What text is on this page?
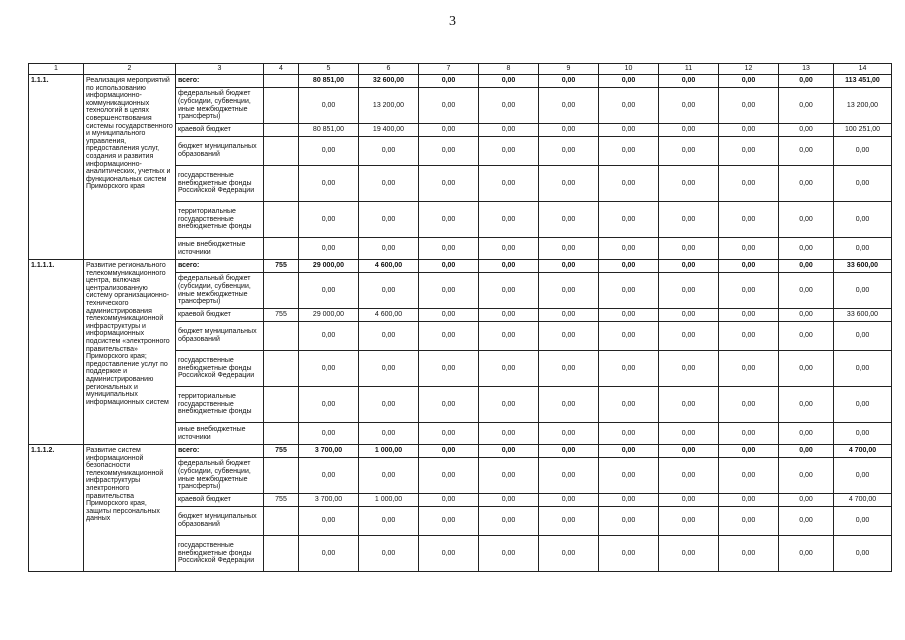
3
1	2	3	4	5	6	7	8	9	10	11	12	13	14
1.1.1.	Реализация мероприятий по использованию информационно-коммуникационных технологий в целях совершенствования системы государственного и муниципального управления, предоставления услуг, создания и развития информационно-аналитических, учетных и функциональных систем Приморского края	всего:		80 851,00	32 600,00	0,00	0,00	0,00	0,00	0,00	0,00	0,00	113 451,00
		федеральный бюджет (субсидии, субвенции, иные межбюджетные трансферты)		0,00	13 200,00	0,00	0,00	0,00	0,00	0,00	0,00	0,00	13 200,00
		краевой бюджет		80 851,00	19 400,00	0,00	0,00	0,00	0,00	0,00	0,00	0,00	100 251,00
		бюджет муниципальных образований		0,00	0,00	0,00	0,00	0,00	0,00	0,00	0,00	0,00	0,00
		государственные внебюджетные фонды Российской Федерации		0,00	0,00	0,00	0,00	0,00	0,00	0,00	0,00	0,00	0,00
		территориальные государственные внебюджетные фонды		0,00	0,00	0,00	0,00	0,00	0,00	0,00	0,00	0,00	0,00
		иные внебюджетные источники		0,00	0,00	0,00	0,00	0,00	0,00	0,00	0,00	0,00	0,00
1.1.1.1.	Развитие регионального телекоммуникационного центра, включая централизованную систему организационно-технического администрирования телекоммуникационной инфраструктуры и информационных подсистем «электронного правительства» Приморского края; предоставление услуг по поддержке и администрированию региональных и муниципальных информационных систем	всего:	755	29 000,00	4 600,00	0,00	0,00	0,00	0,00	0,00	0,00	0,00	33 600,00
		федеральный бюджет (субсидии, субвенции, иные межбюджетные трансферты)		0,00	0,00	0,00	0,00	0,00	0,00	0,00	0,00	0,00	0,00
		краевой бюджет	755	29 000,00	4 600,00	0,00	0,00	0,00	0,00	0,00	0,00	0,00	33 600,00
		бюджет муниципальных образований		0,00	0,00	0,00	0,00	0,00	0,00	0,00	0,00	0,00	0,00
		государственные внебюджетные фонды Российской Федерации		0,00	0,00	0,00	0,00	0,00	0,00	0,00	0,00	0,00	0,00
		территориальные государственные внебюджетные фонды		0,00	0,00	0,00	0,00	0,00	0,00	0,00	0,00	0,00	0,00
		иные внебюджетные источники		0,00	0,00	0,00	0,00	0,00	0,00	0,00	0,00	0,00	0,00
1.1.1.2.	Развитие систем информационной безопасности телекоммуникационной инфраструктуры электронного правительства Приморского края, защиты персональных данных	всего:	755	3 700,00	1 000,00	0,00	0,00	0,00	0,00	0,00	0,00	0,00	4 700,00
		федеральный бюджет (субсидии, субвенции, иные межбюджетные трансферты)		0,00	0,00	0,00	0,00	0,00	0,00	0,00	0,00	0,00	0,00
		краевой бюджет	755	3 700,00	1 000,00	0,00	0,00	0,00	0,00	0,00	0,00	0,00	4 700,00
		бюджет муниципальных образований		0,00	0,00	0,00	0,00	0,00	0,00	0,00	0,00	0,00	0,00
		государственные внебюджетные фонды Российской Федерации		0,00	0,00	0,00	0,00	0,00	0,00	0,00	0,00	0,00	0,00
